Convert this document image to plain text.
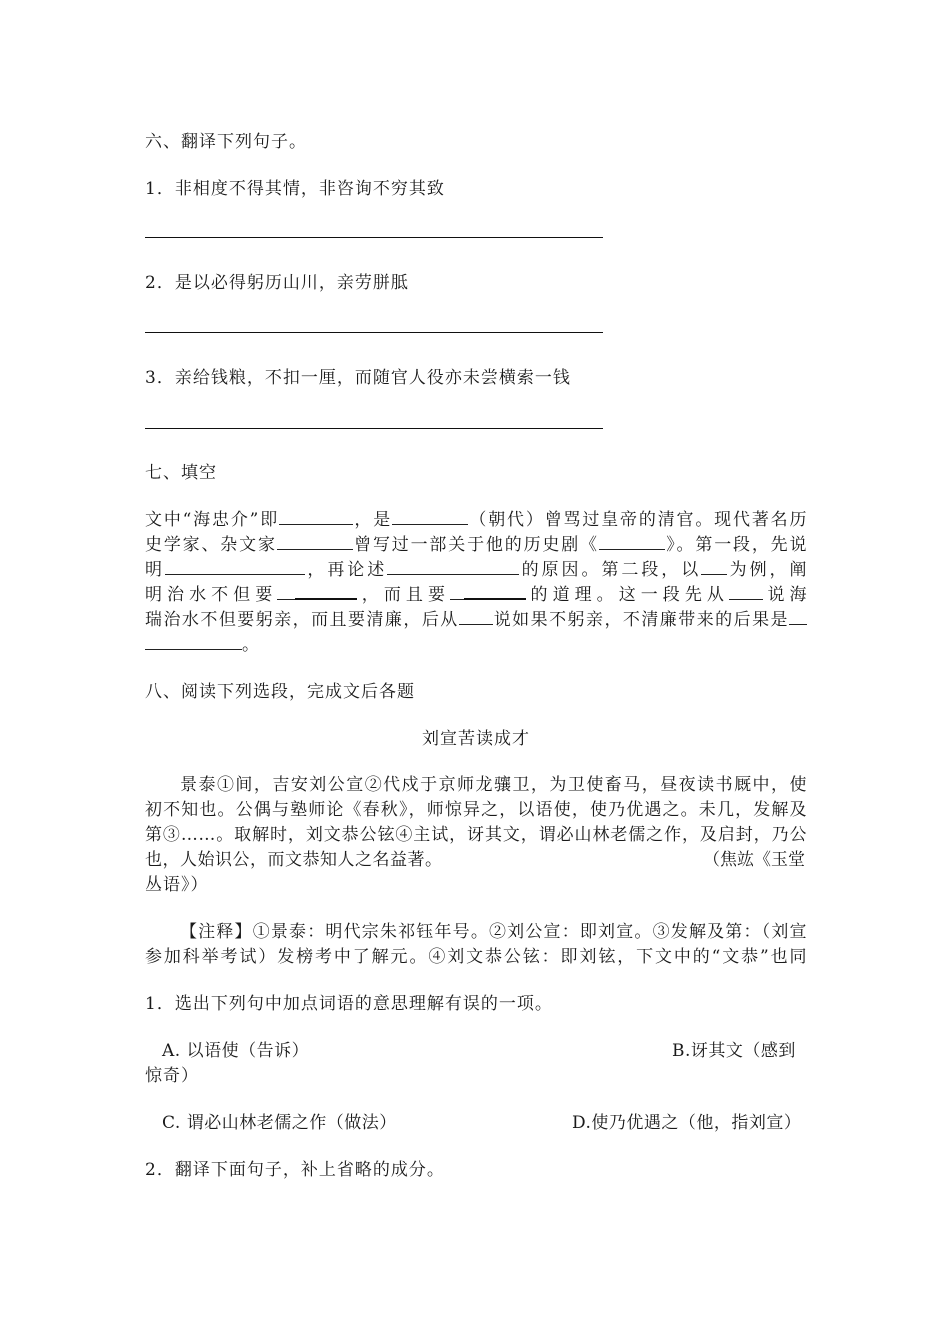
六、翻译下列句子。
1．非相度不得其情，非咨询不穷其致
2．是以必得躬历山川，亲劳胼胝
3．亲给钱粮，不扣一厘，而随官人役亦未尝横索一钱
七、填空
文中“海忠介”即	，是	（朝代）曾骂过皇帝的清官。现代著名历
史学家、杂文家	曾写过一部关于他的历史剧《	》。第一段，先说
明	，再论述	的原因。第二段，以 为例，阐
明治水不但要	，而且要	的道理。这一段先从 说海
瑞治水不但要躬亲，而且要清廉，后从 说如果不躬亲，不清廉带来的后果是
。
八、阅读下列选段，完成文后各题
刘宣苦读成才
景泰①间，吉安刘公宣②代戍于京师龙骧卫，为卫使畜马，昼夜读书厩中，使
初不知也。公偶与塾师论《春秋》，师惊异之，以语使，使乃优遇之。未几，发解及
第③……。取解时，刘文恭公铉④主试，讶其文，谓必山林老儒之作，及启封，乃公
也，人始识公，而文恭知人之名益著。	（焦竑《玉堂
丛语》）
【注释】①景泰：明代宗朱祁钰年号。②刘公宣：即刘宣。③发解及第：（刘宣
参加科举考试）发榜考中了解元。④刘文恭公铉：即刘铉，下文中的“文恭”也同
1．选出下列句中加点词语的意思理解有误的一项。
A. 以语使（告诉）	B.讶其文（感到
惊奇）
C. 谓必山林老儒之作（做法）	D.使乃优遇之（他，指刘宣）
2．翻译下面句子，补上省略的成分。
